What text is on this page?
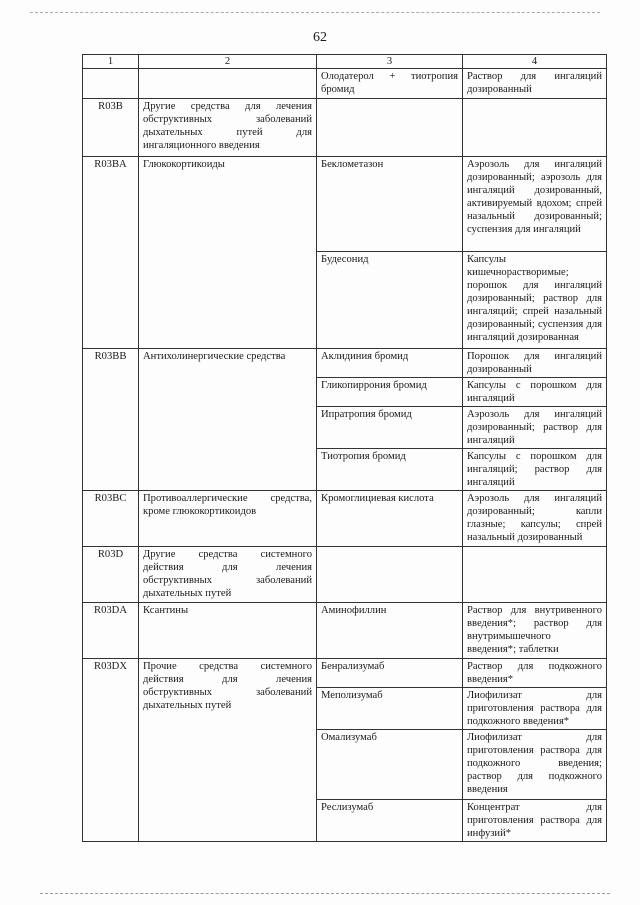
62
1	2	3	4
		Олодатерол + тиотропия бромид	Раствор для ингаляций дозированный
R03B	Другие средства для лечения обструктивных заболеваний дыхательных путей для ингаляционного введения		
R03BA	Глюкокортикоиды	Беклометазон	Аэрозоль для ингаляций дозированный; аэрозоль для ингаляций дозированный, активируемый вдохом; спрей назальный дозированный; суспензия для ингаляций
		Будесонид	Капсулы кишечнорастворимые; порошок для ингаляций дозированный; раствор для ингаляций; спрей назальный дозированный; суспензия для ингаляций дозированная
R03BB	Антихолинергические средства	Аклидиния бромид	Порошок для ингаляций дозированный
		Гликопиррония бромид	Капсулы с порошком для ингаляций
		Ипратропия бромид	Аэрозоль для ингаляций дозированный; раствор для ингаляций
		Тиотропия бромид	Капсулы с порошком для ингаляций; раствор для ингаляций
R03BC	Противоаллергические средства, кроме глюкокортикоидов	Кромоглициевая кислота	Аэрозоль для ингаляций дозированный; капли глазные; капсулы; спрей назальный дозированный
R03D	Другие средства системного действия для лечения обструктивных заболеваний дыхательных путей		
R03DA	Ксантины	Аминофиллин	Раствор для внутривенного введения*; раствор для внутримышечного введения*; таблетки
R03DX	Прочие средства системного действия для лечения обструктивных заболеваний дыхательных путей	Бенрализумаб	Раствор для подкожного введения*
		Меполизумаб	Лиофилизат для приготовления раствора для подкожного введения*
		Омализумаб	Лиофилизат для приготовления раствора для подкожного введения; раствор для подкожного введения
		Реслизумаб	Концентрат для приготовления раствора для инфузий*
